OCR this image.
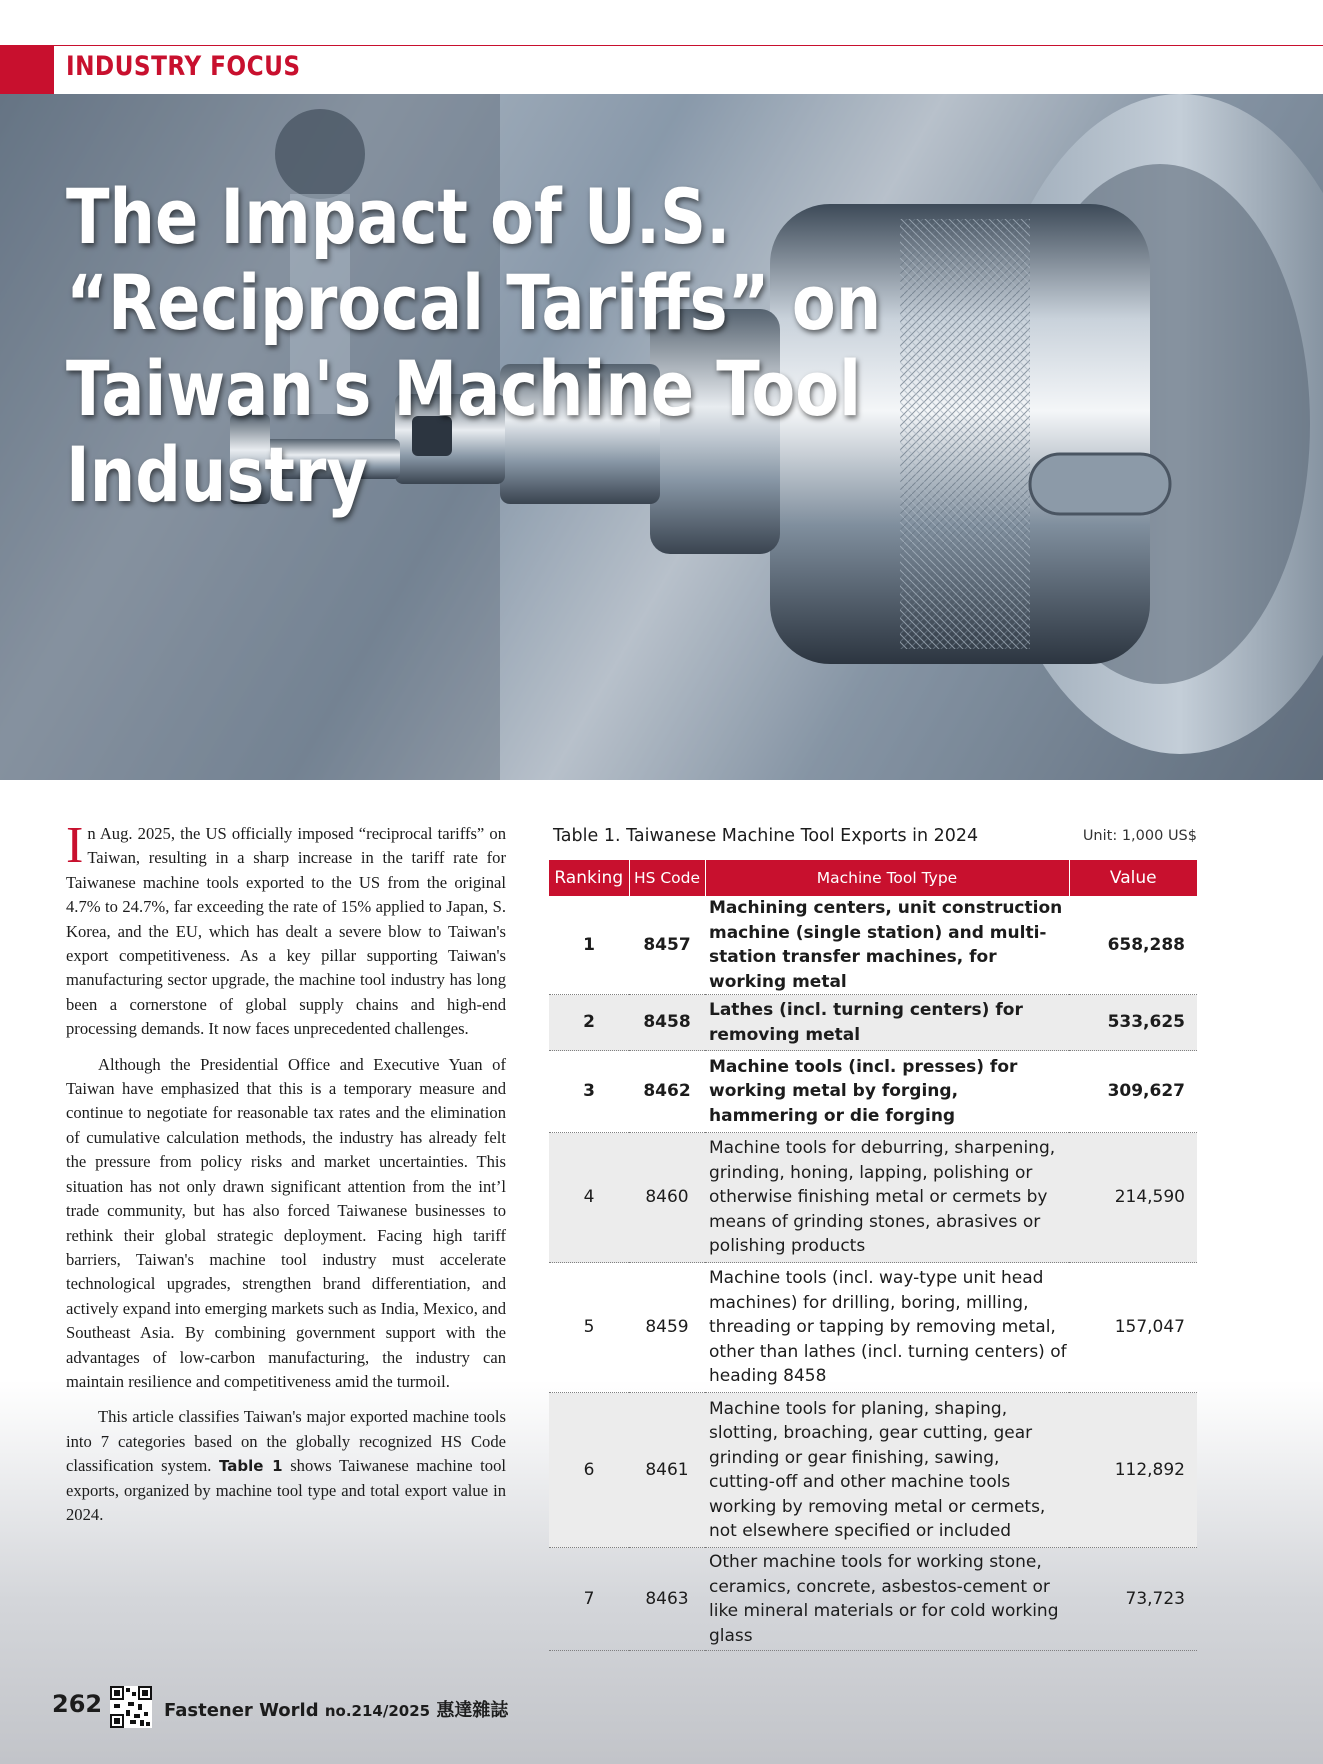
INDUSTRY FOCUS
The Impact of U.S. “Reciprocal Tariffs” on Taiwan's Machine Tool Industry

In Aug. 2025, the US officially imposed “reciprocal tariffs” on Taiwan, resulting in a sharp increase in the tariff rate for Taiwanese machine tools exported to the US from the original 4.7% to 24.7%, far exceeding the rate of 15% applied to Japan, S. Korea, and the EU, which has dealt a severe blow to Taiwan's export competitiveness. As a key pillar supporting Taiwan's manufacturing sector upgrade, the machine tool industry has long been a cornerstone of global supply chains and high-end processing demands. It now faces unprecedented challenges.

Although the Presidential Office and Executive Yuan of Taiwan have emphasized that this is a temporary measure and continue to negotiate for reasonable tax rates and the elimination of cumulative calculation methods, the industry has already felt the pressure from policy risks and market uncertainties. This situation has not only drawn significant attention from the int’l trade community, but has also forced Taiwanese businesses to rethink their global strategic deployment. Facing high tariff barriers, Taiwan's machine tool industry must accelerate technological upgrades, strengthen brand differentiation, and actively expand into emerging markets such as India, Mexico, and Southeast Asia. By combining government support with the advantages of low-carbon manufacturing, the industry can maintain resilience and competitiveness amid the turmoil.

This article classifies Taiwan's major exported machine tools into 7 categories based on the globally recognized HS Code classification system. Table 1 shows Taiwanese machine tool exports, organized by machine tool type and total export value in 2024.

Table 1. Taiwanese Machine Tool Exports in 2024	Unit: 1,000 US$
Ranking	HS Code	Machine Tool Type	Value
1	8457	Machining centers, unit construction machine (single station) and multi-station transfer machines, for working metal	658,288
2	8458	Lathes (incl. turning centers) for removing metal	533,625
3	8462	Machine tools (incl. presses) for working metal by forging, hammering or die forging	309,627
4	8460	Machine tools for deburring, sharpening, grinding, honing, lapping, polishing or otherwise finishing metal or cermets by means of grinding stones, abrasives or polishing products	214,590
5	8459	Machine tools (incl. way-type unit head machines) for drilling, boring, milling, threading or tapping by removing metal, other than lathes (incl. turning centers) of heading 8458	157,047
6	8461	Machine tools for planing, shaping, slotting, broaching, gear cutting, gear grinding or gear finishing, sawing, cutting-off and other machine tools working by removing metal or cermets, not elsewhere specified or included	112,892
7	8463	Other machine tools for working stone, ceramics, concrete, asbestos-cement or like mineral materials or for cold working glass	73,723
262	Fastener World no.214/2025 惠達雜誌
